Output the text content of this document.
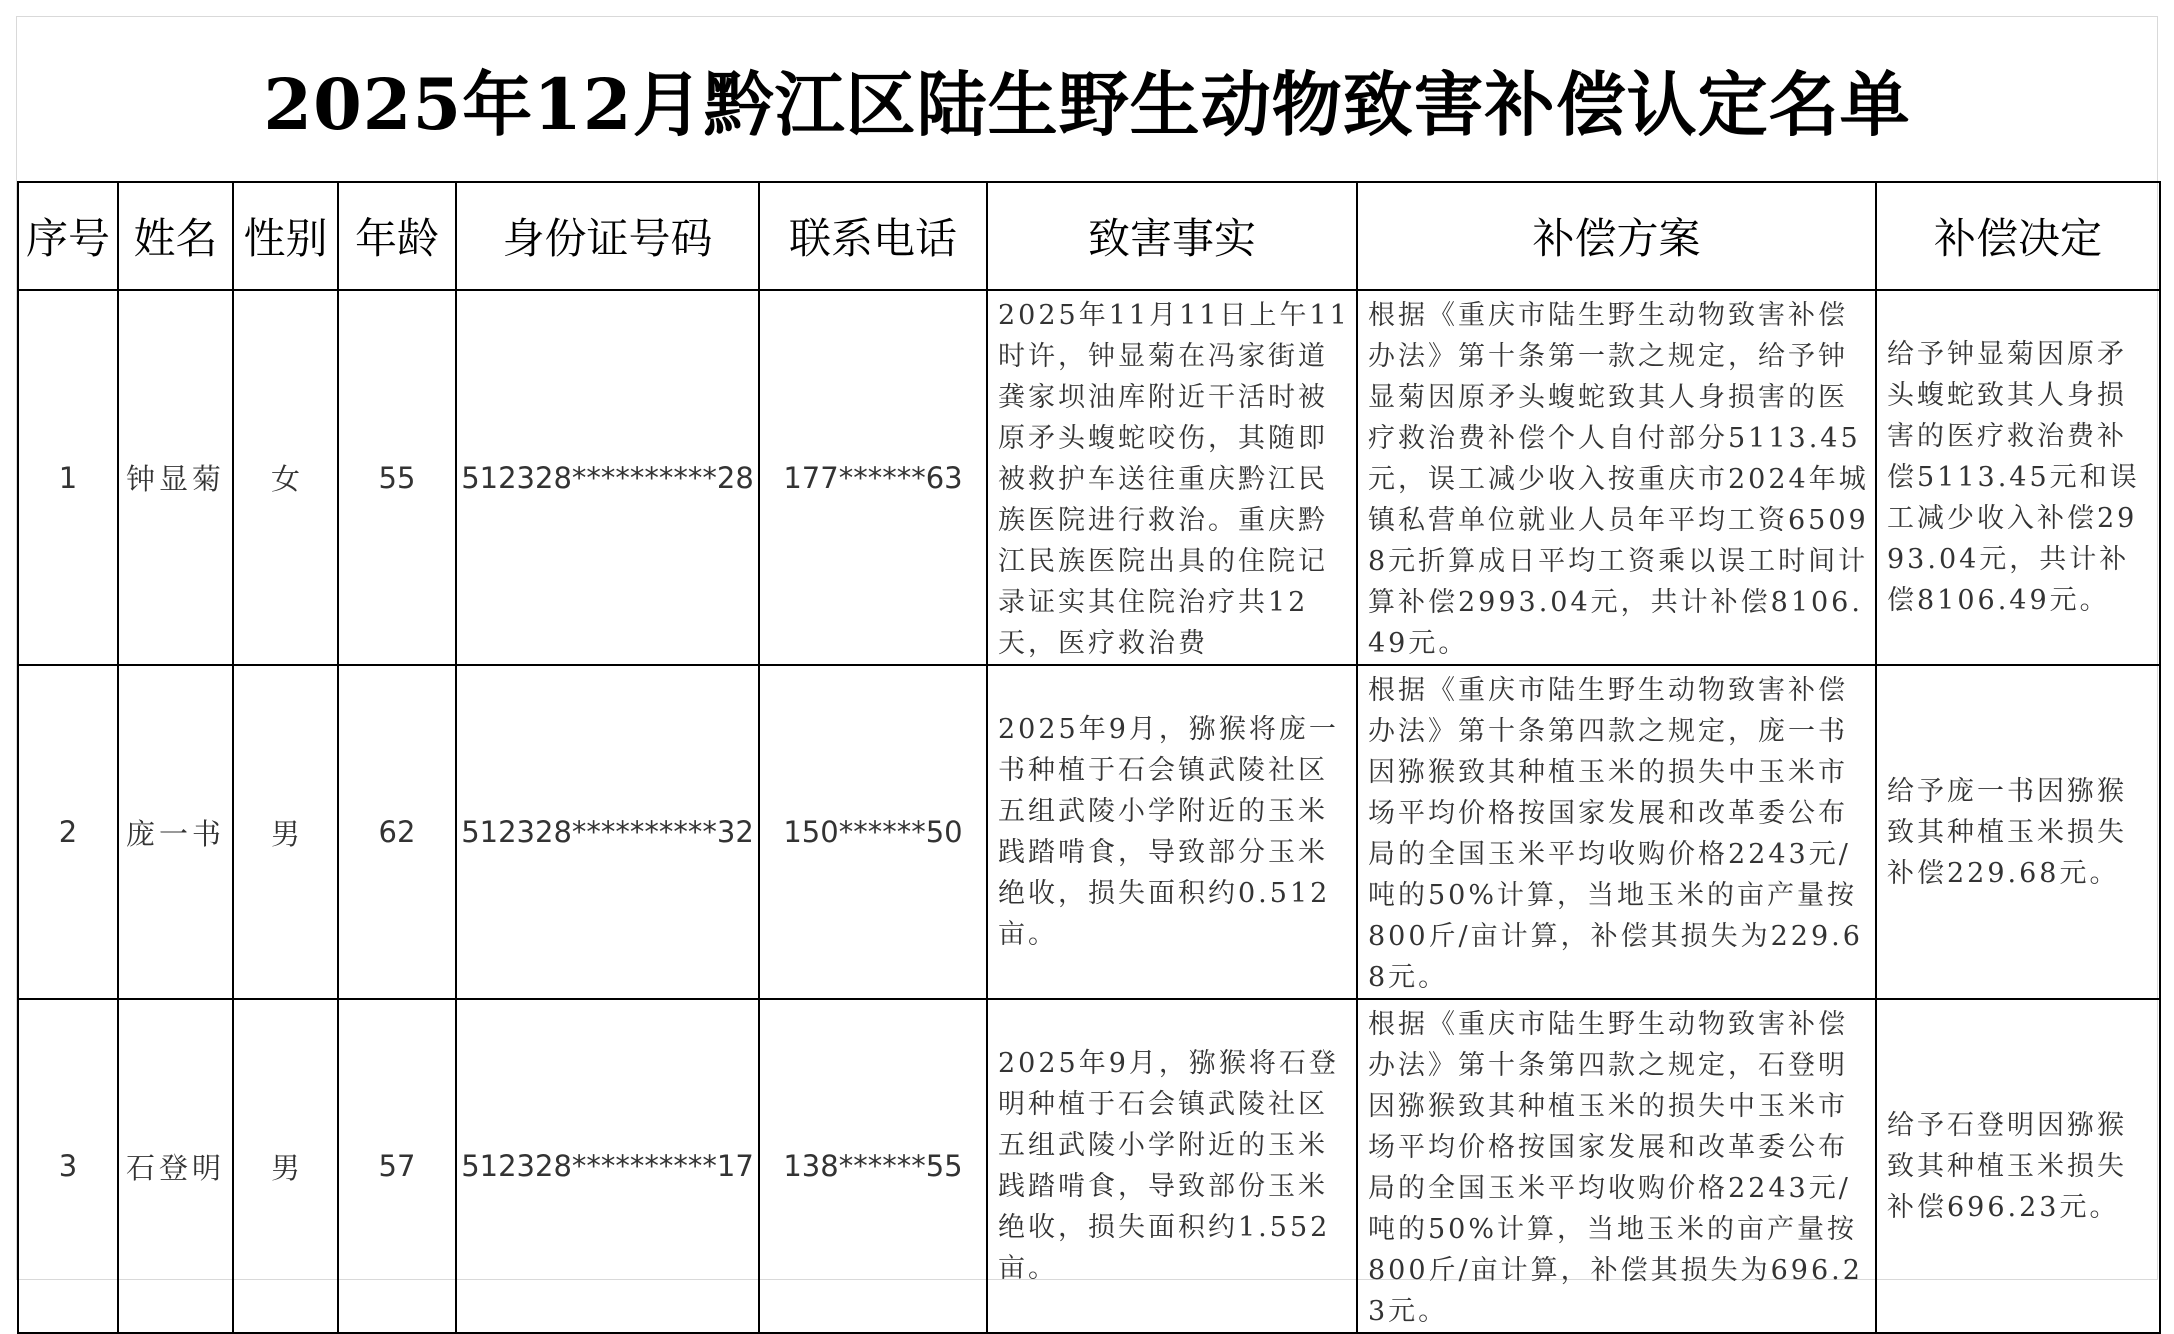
2025年12月黔江区陆生野生动物致害补偿认定名单
序号	姓名	性别	年龄	身份证号码	联系电话	致害事实	补偿方案	补偿决定
1	钟显菊	女	55	512328**********28	177******63	2025年11月11日上午11时许，钟显菊在冯家街道龚家坝油库附近干活时被原矛头蝮蛇咬伤，其随即被救护车送往重庆黔江民族医院进行救治。重庆黔江民族医院出具的住院记录证实其住院治疗共12天，医疗救治费	根据《重庆市陆生野生动物致害补偿办法》第十条第一款之规定，给予钟显菊因原矛头蝮蛇致其人身损害的医疗救治费补偿个人自付部分5113.45元，误工减少收入按重庆市2024年城镇私营单位就业人员年平均工资65098元折算成日平均工资乘以误工时间计算补偿2993.04元，共计补偿8106.49元。	给予钟显菊因原矛头蝮蛇致其人身损害的医疗救治费补偿5113.45元和误工减少收入补偿2993.04元，共计补偿8106.49元。
2	庞一书	男	62	512328**********32	150******50	2025年9月，猕猴将庞一书种植于石会镇武陵社区五组武陵小学附近的玉米践踏啃食，导致部分玉米绝收，损失面积约0.512亩。	根据《重庆市陆生野生动物致害补偿办法》第十条第四款之规定，庞一书因猕猴致其种植玉米的损失中玉米市场平均价格按国家发展和改革委公布局的全国玉米平均收购价格2243元/吨的50%计算，当地玉米的亩产量按800斤/亩计算，补偿其损失为229.68元。	给予庞一书因猕猴致其种植玉米损失补偿229.68元。
3	石登明	男	57	512328**********17	138******55	2025年9月，猕猴将石登明种植于石会镇武陵社区五组武陵小学附近的玉米践踏啃食，导致部份玉米绝收，损失面积约1.552亩。	根据《重庆市陆生野生动物致害补偿办法》第十条第四款之规定，石登明因猕猴致其种植玉米的损失中玉米市场平均价格按国家发展和改革委公布局的全国玉米平均收购价格2243元/吨的50%计算，当地玉米的亩产量按800斤/亩计算，补偿其损失为696.23元。	给予石登明因猕猴致其种植玉米损失补偿696.23元。
